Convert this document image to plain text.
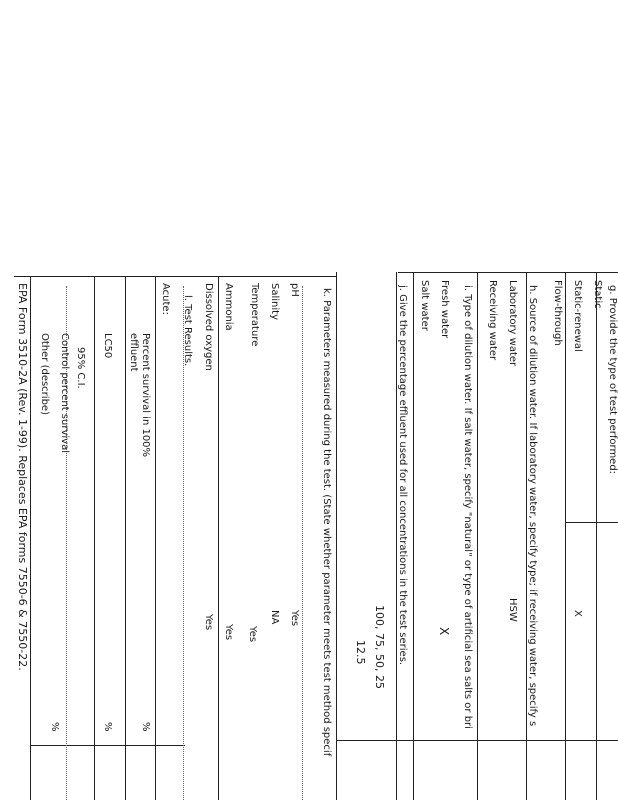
g. Provide the type of test performed:
Static
Static-renewal
Flow-through
h. Source of dilution water. If laboratory water, specify type; if receiving water, specify s
Laboratory water
Receiving water
i. Type of dilution water. If salt water, specify "natural" or type of artificial sea salts or bri
Fresh water
Salt water
j. Give the percentage effluent used for all concentrations in the test series.
k. Parameters measured during the test. (State whether parameter meets test method specif
pH
Salinity
Temperature
Ammonia
Dissolved oxygen
l. Test Results.
Acute:
Percent survival in 100% effluent
LC50
95% C.I.
Control percent survival
Other (describe)
EPA Form 3510-2A (Rev. 1-99). Replaces EPA forms 7550-6 & 7550-22.	X
HSW
X
100, 75, 50, 25
12.5
Yes
NA
Yes
Yes
Yes
%
%
%
